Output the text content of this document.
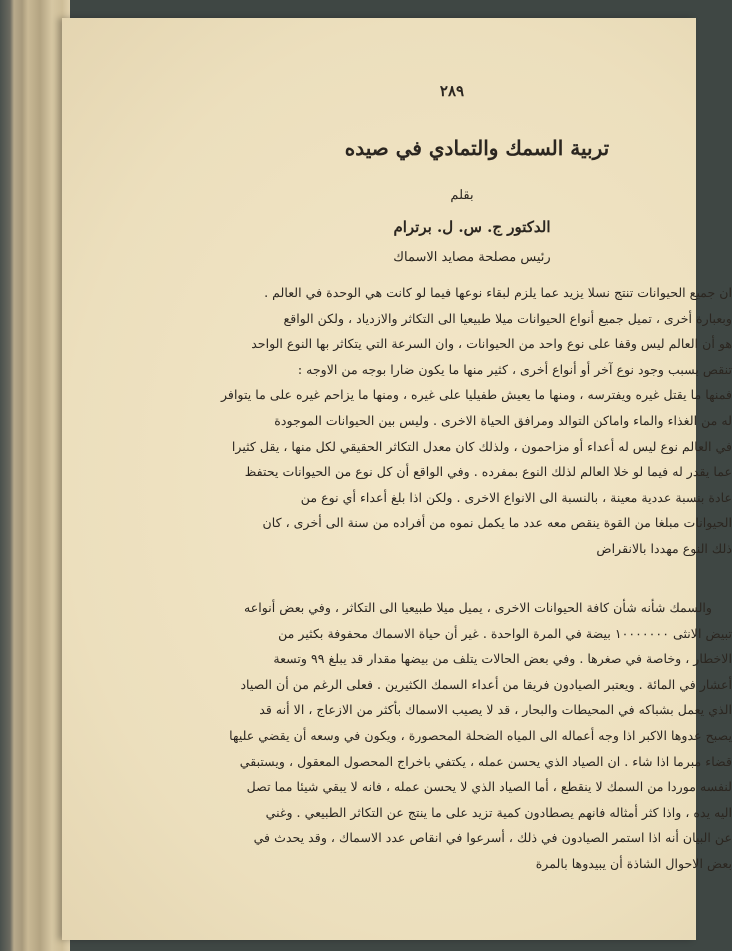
٢٨٩
تربية السمك والتمادي في صيده
بقلم
الدكتور ج. س. ل. برترام
رئيس مصلحة مصايد الاسماك
ان جميع الحيوانات تنتج نسلا يزيد عما يلزم لبقاء نوعها فيما لو كانت هي الوحدة في العالم .
وبعبارة أخرى ، تميل جميع أنواع الحيوانات ميلا طبيعيا الى التكاثر والازدياد ، ولكن الواقع
هو أن العالم ليس وقفا على نوع واحد من الحيوانات ، وان السرعة التي يتكاثر بها النوع الواحد
تنقص بسبب وجود نوع آخر أو أنواع أخرى ، كثير منها ما يكون ضارا بوجه من الاوجه :
فمنها ما يقتل غيره ويفترسه ، ومنها ما يعيش طفيليا على غيره ، ومنها ما يزاحم غيره على ما يتوافر
له من الغذاء والماء واماكن التوالد ومرافق الحياة الاخرى . وليس بين الحيوانات الموجودة
في العالم نوع ليس له أعداء أو مزاحمون ، ولذلك كان معدل التكاثر الحقيقي لكل منها ، يقل كثيرا
عما يقدر له فيما لو خلا العالم لذلك النوع بمفرده . وفي الواقع أن كل نوع من الحيوانات يحتفظ
عادة بنسبة عددية معينة ، بالنسبة الى الانواع الاخرى . ولكن اذا بلغ أعداء أي نوع من
الحيوانات مبلغا من القوة ينقص معه عدد ما يكمل نموه من أفراده من سنة الى أخرى ، كان
ذلك النوع مهددا بالانقراض
والسمك شأنه شأن كافة الحيوانات الاخرى ، يميل ميلا طبيعيا الى التكاثر ، وفي بعض أنواعه
تبيض الانثى ١٠٠٠٠٠٠٠ بيضة في المرة الواحدة . غير أن حياة الاسماك محفوفة بكثير من
الاخطار ، وخاصة في صغرها . وفي بعض الحالات يتلف من بيضها مقدار قد يبلغ ٩٩ وتسعة
أعشار في المائة . ويعتبر الصيادون فريقا من أعداء السمك الكثيرين . فعلى الرغم من أن الصياد
الذي يعمل بشباكه في المحيطات والبحار ، قد لا يصيب الاسماك بأكثر من الازعاج ، الا أنه قد
يصبح عدوها الاكبر اذا وجه أعماله الى المياه الضحلة المحصورة ، ويكون في وسعه أن يقضي عليها
قضاء مبرما اذا شاء . ان الصياد الذي يحسن عمله ، يكتفي باخراج المحصول المعقول ، ويستبقي
لنفسه موردا من السمك لا ينقطع ، أما الصياد الذي لا يحسن عمله ، فانه لا يبقي شيئا مما تصل
اليه يده ، واذا كثر أمثاله فانهم يصطادون كمية تزيد على ما ينتج عن التكاثر الطبيعي . وغني
عن البيان أنه اذا استمر الصيادون في ذلك ، أسرعوا في انقاص عدد الاسماك ، وقد يحدث في
بعض الاحوال الشاذة أن يبيدوها بالمرة
